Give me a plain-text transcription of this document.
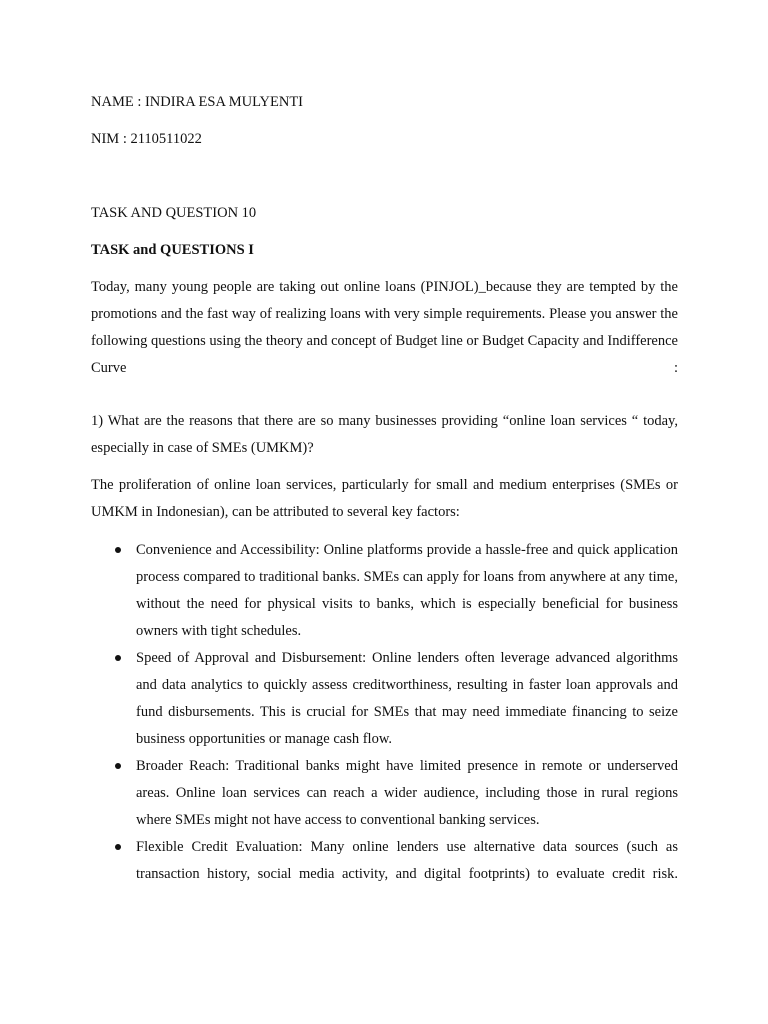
NAME : INDIRA ESA MULYENTI
NIM : 2110511022
TASK AND QUESTION 10
TASK and QUESTIONS I
Today, many young people are taking out online loans (PINJOL)_because they are tempted by the promotions and the fast way of realizing loans with very simple requirements. Please you answer the following questions using the theory and concept of Budget line or Budget Capacity and Indifference Curve :
1) What are the reasons that there are so many businesses providing “online loan services “ today, especially in case of SMEs (UMKM)?
The proliferation of online loan services, particularly for small and medium enterprises (SMEs or UMKM in Indonesian), can be attributed to several key factors:
Convenience and Accessibility: Online platforms provide a hassle-free and quick application process compared to traditional banks. SMEs can apply for loans from anywhere at any time, without the need for physical visits to banks, which is especially beneficial for business owners with tight schedules.
Speed of Approval and Disbursement: Online lenders often leverage advanced algorithms and data analytics to quickly assess creditworthiness, resulting in faster loan approvals and fund disbursements. This is crucial for SMEs that may need immediate financing to seize business opportunities or manage cash flow.
Broader Reach: Traditional banks might have limited presence in remote or underserved areas. Online loan services can reach a wider audience, including those in rural regions where SMEs might not have access to conventional banking services.
Flexible Credit Evaluation: Many online lenders use alternative data sources (such as transaction history, social media activity, and digital footprints) to evaluate credit risk.
